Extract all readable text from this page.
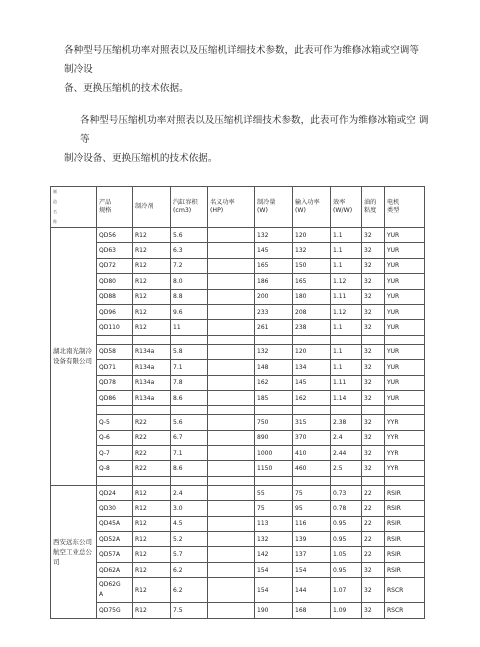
各种型号压缩机功率对照表以及压缩机详细技术参数，此表可作为维修冰箱或空调等 制冷设
备、更换压缩机的技术依据。

各种型号压缩机功率对照表以及压缩机详细技术参数，此表可作为维修冰箱或空 调等
制冷设备、更换压缩机的技术依据。

制
造
名
称	产品
规格	制冷剂	汽缸容积
(cm3)	名义功率
(HP)	制冷量
(W)	输入功率
(W)	效率
(W/W)	油的
粘度	电机
类型

湖北南光制冷设备有限公司	QD56	R12	5.6		132	120	1.1	32	YUR
	QD63	R12	6.3		145	132	1.1	32	YUR
	QD72	R12	7.2		165	150	1.1	32	YUR
	QD80	R12	8.0		186	165	1.12	32	YUR
	QD88	R12	8.8		200	180	1.11	32	YUR
	QD96	R12	9.6		233	208	1.12	32	YUR
	QD110	R12	11		261	238	1.1	32	YUR

	QD58	R134a	5.8		132	120	1.1	32	YUR
	QD71	R134a	7.1		148	134	1.1	32	YUR
	QD78	R134a	7.8		162	145	1.11	32	YUR
	QD86	R134a	8.6		185	162	1.14	32	YUR

	Q-5	R22	5.6		750	315	2.38	32	YYR
	Q-6	R22	6.7		890	370	2.4	32	YYR
	Q-7	R22	7.1		1000	410	2.44	32	YYR
	Q-8	R22	8.6		1150	460	2.5	32	YYR

西安远东公司航空工业总公司	QD24	R12	2.4		55	75	0.73	22	RSIR
	QD30	R12	3.0		75	95	0.78	22	RSIR
	QD45A	R12	4.5		113	116	0.95	22	RSIR
	QD52A	R12	5.2		132	139	0.95	22	RSIR
	QD57A	R12	5.7		142	137	1.05	22	RSIR
	QD62A	R12	6.2		154	154	0.95	32	RSIR

	QD62G
A	R12	6.2		154	144	1.07	32	RSCR
	QD75G	R12	7.5		190	168	1.09	32	RSCR
